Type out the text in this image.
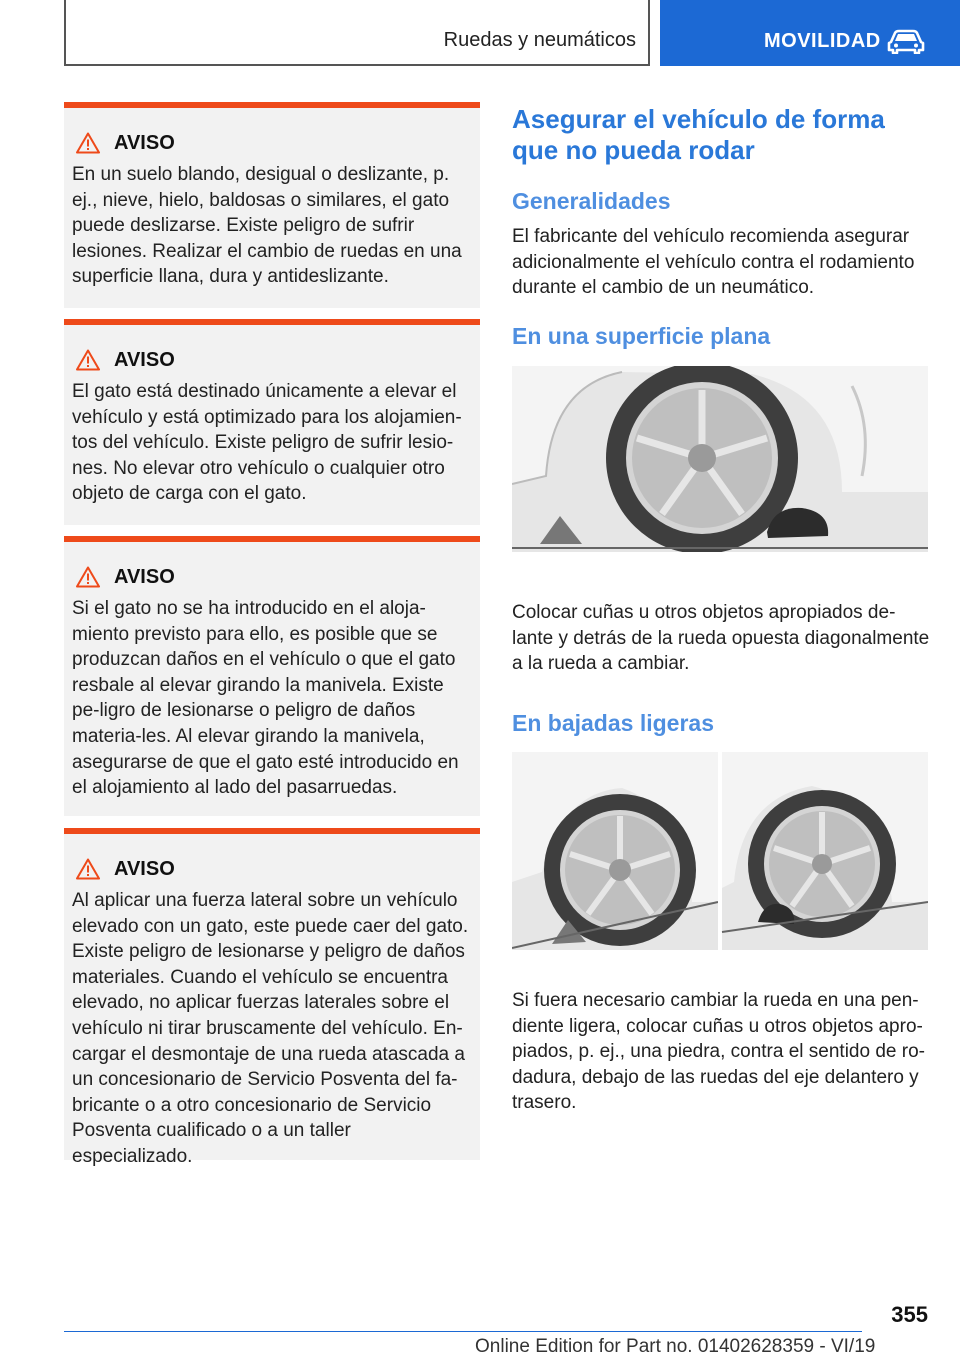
Ruedas y neumáticos	MOVILIDAD
AVISO

En un suelo blando, desigual o deslizante, p. ej., nieve, hielo, baldosas o similares, el gato puede deslizarse. Existe peligro de sufrir lesiones. Realizar el cambio de ruedas en una superficie llana, dura y antideslizante.

AVISO

El gato está destinado únicamente a elevar el vehículo y está optimizado para los alojamien-tos del vehículo. Existe peligro de sufrir lesio-nes. No elevar otro vehículo o cualquier otro objeto de carga con el gato.

AVISO

Si el gato no se ha introducido en el aloja-miento previsto para ello, es posible que se produzcan daños en el vehículo o que el gato resbale al elevar girando la manivela. Existe pe-ligro de lesionarse o peligro de daños materia-les. Al elevar girando la manivela, asegurarse de que el gato esté introducido en el alojamiento al lado del pasarruedas.

AVISO

Al aplicar una fuerza lateral sobre un vehículo elevado con un gato, este puede caer del gato. Existe peligro de lesionarse y peligro de daños materiales. Cuando el vehículo se encuentra elevado, no aplicar fuerzas laterales sobre el vehículo ni tirar bruscamente del vehículo. En-cargar el desmontaje de una rueda atascada a un concesionario de Servicio Posventa del fa-bricante o a otro concesionario de Servicio Posventa cualificado o a un taller especializado.

Asegurar el vehículo de forma que no pueda rodar
Generalidades

El fabricante del vehículo recomienda asegurar adicionalmente el vehículo contra el rodamiento durante el cambio de un neumático.

En una superficie plana

Colocar cuñas u otros objetos apropiados de-lante y detrás de la rueda opuesta diagonalmente a la rueda a cambiar.

En bajadas ligeras

Si fuera necesario cambiar la rueda en una pen-diente ligera, colocar cuñas u otros objetos apro-piados, p. ej., una piedra, contra el sentido de ro-dadura, debajo de las ruedas del eje delantero y trasero.

355
Online Edition for Part no. 01402628359 - VI/19
